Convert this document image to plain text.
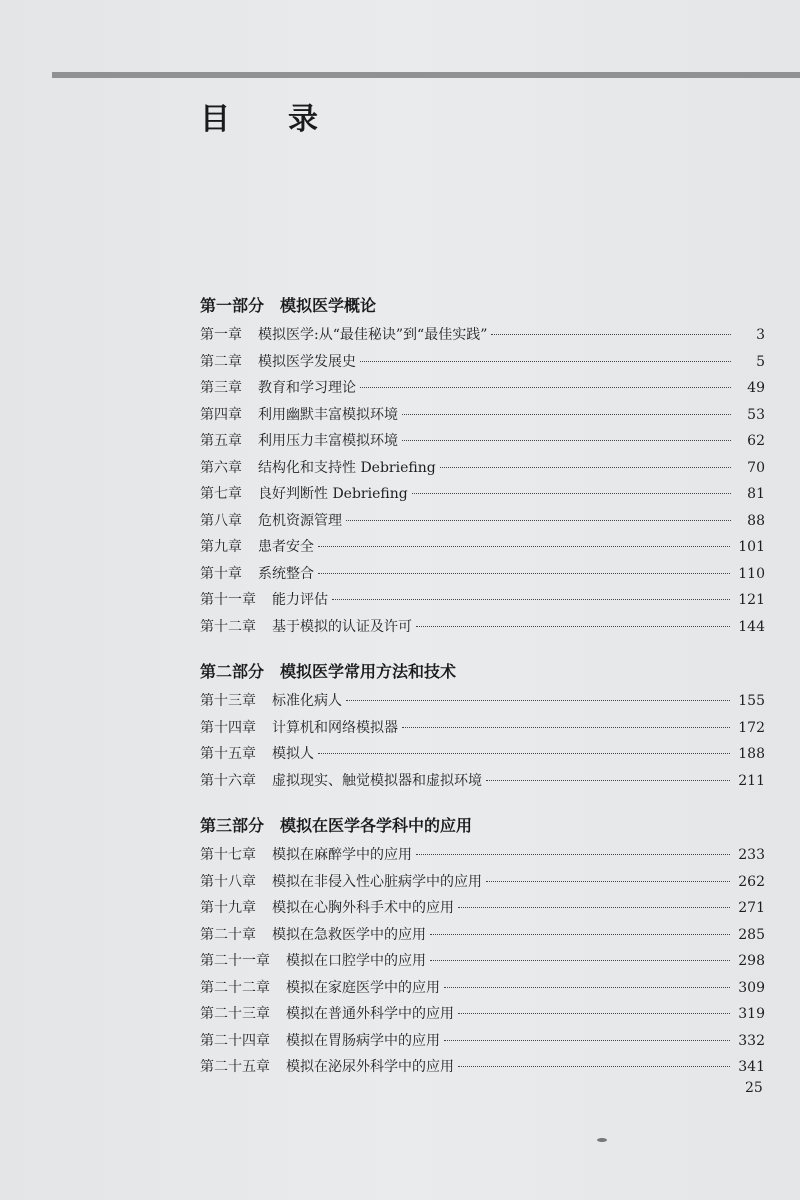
目　录
第一部分 模拟医学概论
第一章 模拟医学:从“最佳秘诀”到“最佳实践”	3
第二章 模拟医学发展史	5
第三章 教育和学习理论	49
第四章 利用幽默丰富模拟环境	53
第五章 利用压力丰富模拟环境	62
第六章 结构化和支持性 Debriefing	70
第七章 良好判断性 Debriefing	81
第八章 危机资源管理	88
第九章 患者安全	101
第十章 系统整合	110
第十一章 能力评估	121
第十二章 基于模拟的认证及许可	144
第二部分 模拟医学常用方法和技术
第十三章 标准化病人	155
第十四章 计算机和网络模拟器	172
第十五章 模拟人	188
第十六章 虚拟现实、触觉模拟器和虚拟环境	211
第三部分 模拟在医学各学科中的应用
第十七章 模拟在麻醉学中的应用	233
第十八章 模拟在非侵入性心脏病学中的应用	262
第十九章 模拟在心胸外科手术中的应用	271
第二十章 模拟在急救医学中的应用	285
第二十一章 模拟在口腔学中的应用	298
第二十二章 模拟在家庭医学中的应用	309
第二十三章 模拟在普通外科学中的应用	319
第二十四章 模拟在胃肠病学中的应用	332
第二十五章 模拟在泌尿外科学中的应用	341
25
